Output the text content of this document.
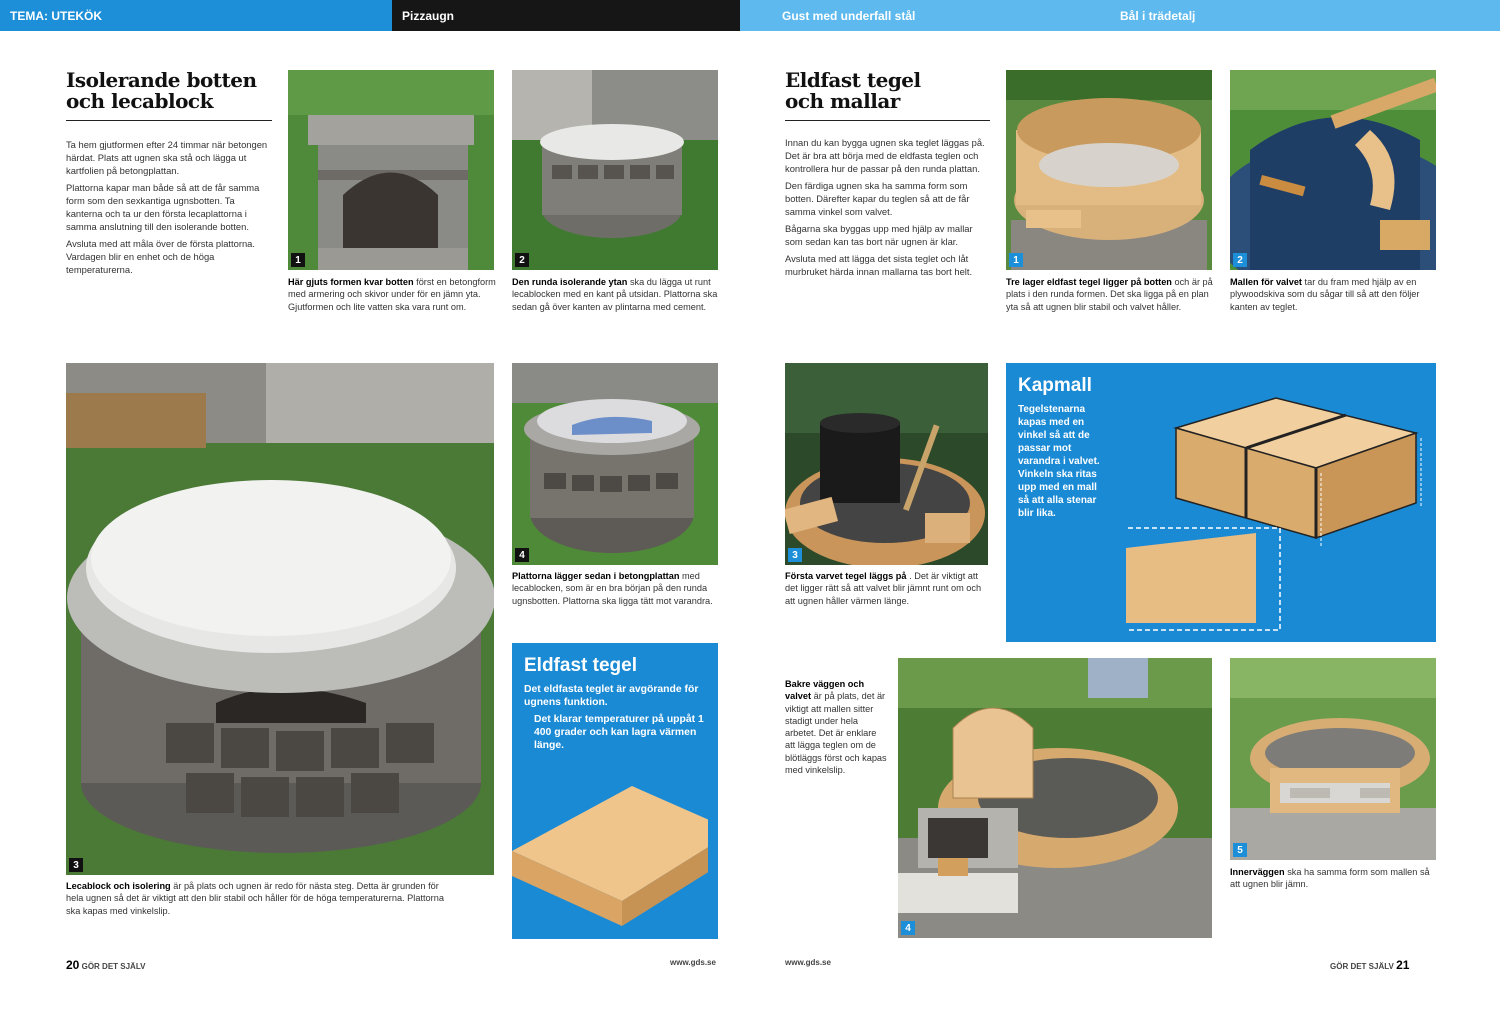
TEMA: UTEKÖK	Pizzaugn	Gust med underfall stål	Bål i trädetalj
Isolerande botten och lecablock

Ta hem gjutformen efter 24 timmar när betongen härdat. Plats att ugnen ska stå och lägga ut kartfolien på betongplattan.

Plattorna kapar man både så att de får samma form som den sexkantiga ugnsbotten. Ta kanterna och ta ur den första lecaplattorna i samma anslutning till den isolerande botten.

Avsluta med att måla över de första plattorna. Vardagen blir en enhet och de höga temperaturerna.

1	2
Här gjuts formen kvar botten först en betongform med armering och skivor under för en jämn yta. Gjutformen och lite vatten ska vara runt om.
Den runda isolerande ytan ska du lägga ut runt lecablocken med en kant på utsidan. Plattorna ska sedan gå över kanten av plintarna med cement.
3
Lecablock och isolering är på plats och ugnen är redo för nästa steg. Detta är grunden för hela ugnen så det är viktigt att den blir stabil och håller för de höga temperaturerna. Plattorna ska kapas med vinkelslip.
4
Plattorna lägger sedan i betongplattan med lecablocken, som är en bra början på den runda ugnsbotten. Plattorna ska ligga tätt mot varandra.
Eldfast tegel
Det eldfasta teglet är avgörande för ugnens funktion.
Det klarar temperaturer på uppåt 1 400 grader och kan lagra värmen länge.
20 GÖR DET SJÄLV	www.gds.se
Eldfast tegel och mallar

Innan du kan bygga ugnen ska teglet läggas på. Det är bra att börja med de eldfasta teglen och kontrollera hur de passar på den runda plattan.

Den färdiga ugnen ska ha samma form som botten. Därefter kapar du teglen så att de får samma vinkel som valvet.

Bågarna ska byggas upp med hjälp av mallar som sedan kan tas bort när ugnen är klar.

Avsluta med att lägga det sista teglet och låt murbruket härda innan mallarna tas bort helt.

1	2
Tre lager eldfast tegel ligger på botten och är på plats i den runda formen. Det ska ligga på en plan yta så att ugnen blir stabil och valvet håller.
Mallen för valvet tar du fram med hjälp av en plywoodskiva som du sågar till så att den följer kanten av teglet.
3
Första varvet tegel läggs på . Det är viktigt att det ligger rätt så att valvet blir jämnt runt om och att ugnen håller värmen länge.
Kapmall
Tegelstenarna kapas med en vinkel så att de passar mot varandra i valvet. Vinkeln ska ritas upp med en mall så att alla stenar blir lika.
Bakre väggen och valvet är på plats, det är viktigt att mallen sitter stadigt under hela arbetet. Det är enklare att lägga teglen om de blötläggs först och kapas med vinkelslip.
4
5
Innerväggen ska ha samma form som mallen så att ugnen blir jämn.
www.gds.se	GÖR DET SJÄLV 21
